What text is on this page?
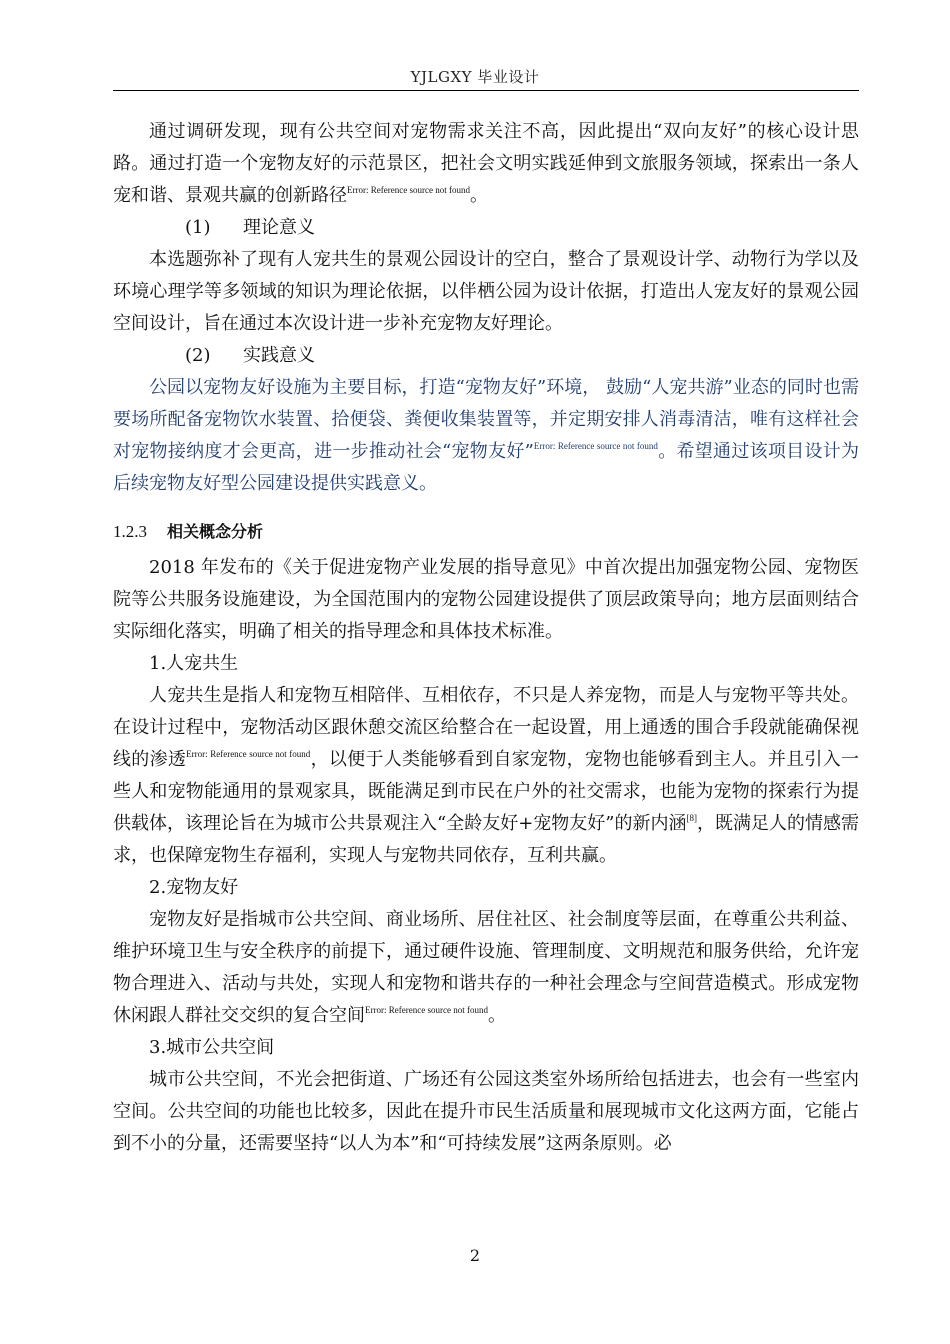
YJLGXY 毕业设计

通过调研发现，现有公共空间对宠物需求关注不高，因此提出“双向友好”的核心设计思路。通过打造一个宠物友好的示范景区，把社会文明实践延伸到文旅服务领域，探索出一条人宠和谐、景观共赢的创新路径$^{Error: Reference source not found}$。

(1) 理论意义

本选题弥补了现有人宠共生的景观公园设计的空白，整合了景观设计学、动物行为学以及环境心理学等多领域的知识为理论依据，以伴栖公园为设计依据，打造出人宠友好的景观公园空间设计，旨在通过本次设计进一步补充宠物友好理论。

(2) 实践意义

公园以宠物友好设施为主要目标，打造“宠物友好”环境， 鼓励“人宠共游”业态的同时也需要场所配备宠物饮水装置、拾便袋、粪便收集装置等，并定期安排人消毒清洁，唯有这样社会对宠物接纳度才会更高，进一步推动社会“宠物友好”$^{Error: Reference source not found}$。希望通过该项目设计为后续宠物友好型公园建设提供实践意义。

1.2.3 相关概念分析

2018 年发布的《关于促进宠物产业发展的指导意见》中首次提出加强宠物公园、宠物医院等公共服务设施建设，为全国范围内的宠物公园建设提供了顶层政策导向；地方层面则结合实际细化落实，明确了相关的指导理念和具体技术标准。

1.人宠共生

人宠共生是指人和宠物互相陪伴、互相依存，不只是人养宠物，而是人与宠物平等共处。在设计过程中，宠物活动区跟休憩交流区给整合在一起设置，用上通透的围合手段就能确保视线的渗透$^{Error: Reference source not found}$，以便于人类能够看到自家宠物，宠物也能够看到主人。并且引入一些人和宠物能通用的景观家具，既能满足到市民在户外的社交需求，也能为宠物的探索行为提供载体，该理论旨在为城市公共景观注入“全龄友好+宠物友好”的新内涵[8]，既满足人的情感需求，也保障宠物生存福利，实现人与宠物共同依存，互利共赢。

2.宠物友好

宠物友好是指城市公共空间、商业场所、居住社区、社会制度等层面，在尊重公共利益、维护环境卫生与安全秩序的前提下，通过硬件设施、管理制度、文明规范和服务供给，允许宠物合理进入、活动与共处，实现人和宠物和谐共存的一种社会理念与空间营造模式。形成宠物休闲跟人群社交交织的复合空间$^{Error: Reference source not found}$。

3.城市公共空间

城市公共空间，不光会把街道、广场还有公园这类室外场所给包括进去，也会有一些室内空间。公共空间的功能也比较多，因此在提升市民生活质量和展现城市文化这两方面，它能占到不小的分量，还需要坚持“以人为本”和“可持续发展”这两条原则。必

2
